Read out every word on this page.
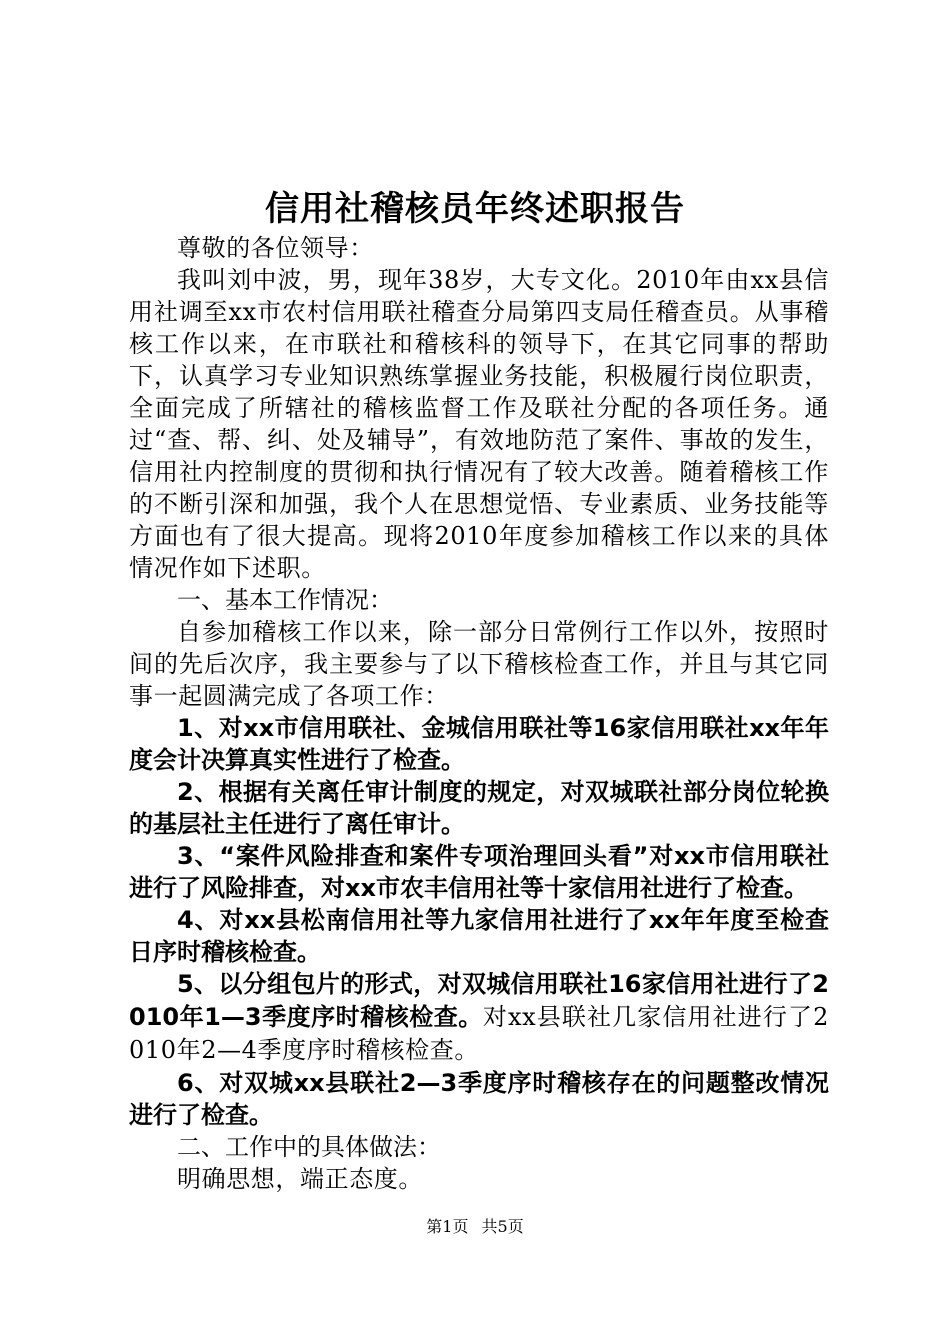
信用社稽核员年终述职报告

尊敬的各位领导：

我叫刘中波，男，现年38岁，大专文化。2010年由xx县信用社调至xx市农村信用联社稽查分局第四支局任稽查员。从事稽核工作以来，在市联社和稽核科的领导下，在其它同事的帮助下，认真学习专业知识熟练掌握业务技能，积极履行岗位职责，全面完成了所辖社的稽核监督工作及联社分配的各项任务。通过“查、帮、纠、处及辅导”，有效地防范了案件、事故的发生，信用社内控制度的贯彻和执行情况有了较大改善。随着稽核工作的不断引深和加强，我个人在思想觉悟、专业素质、业务技能等方面也有了很大提高。现将2010年度参加稽核工作以来的具体情况作如下述职。

一、基本工作情况：

自参加稽核工作以来，除一部分日常例行工作以外，按照时间的先后次序，我主要参与了以下稽核检查工作，并且与其它同事一起圆满完成了各项工作：

1、对xx市信用联社、金城信用联社等16家信用联社xx年年度会计决算真实性进行了检查。

2、根据有关离任审计制度的规定，对双城联社部分岗位轮换的基层社主任进行了离任审计。

3、“案件风险排查和案件专项治理回头看”对xx市信用联社进行了风险排查，对xx市农丰信用社等十家信用社进行了检查。

4、对xx县松南信用社等九家信用社进行了xx年年度至检查日序时稽核检查。

5、以分组包片的形式，对双城信用联社16家信用社进行了2010年1—3季度序时稽核检查。对xx县联社几家信用社进行了2010年2—4季度序时稽核检查。

6、对双城xx县联社2—3季度序时稽核存在的问题整改情况进行了检查。

二、工作中的具体做法：

明确思想，端正态度。

第1页 共5页
